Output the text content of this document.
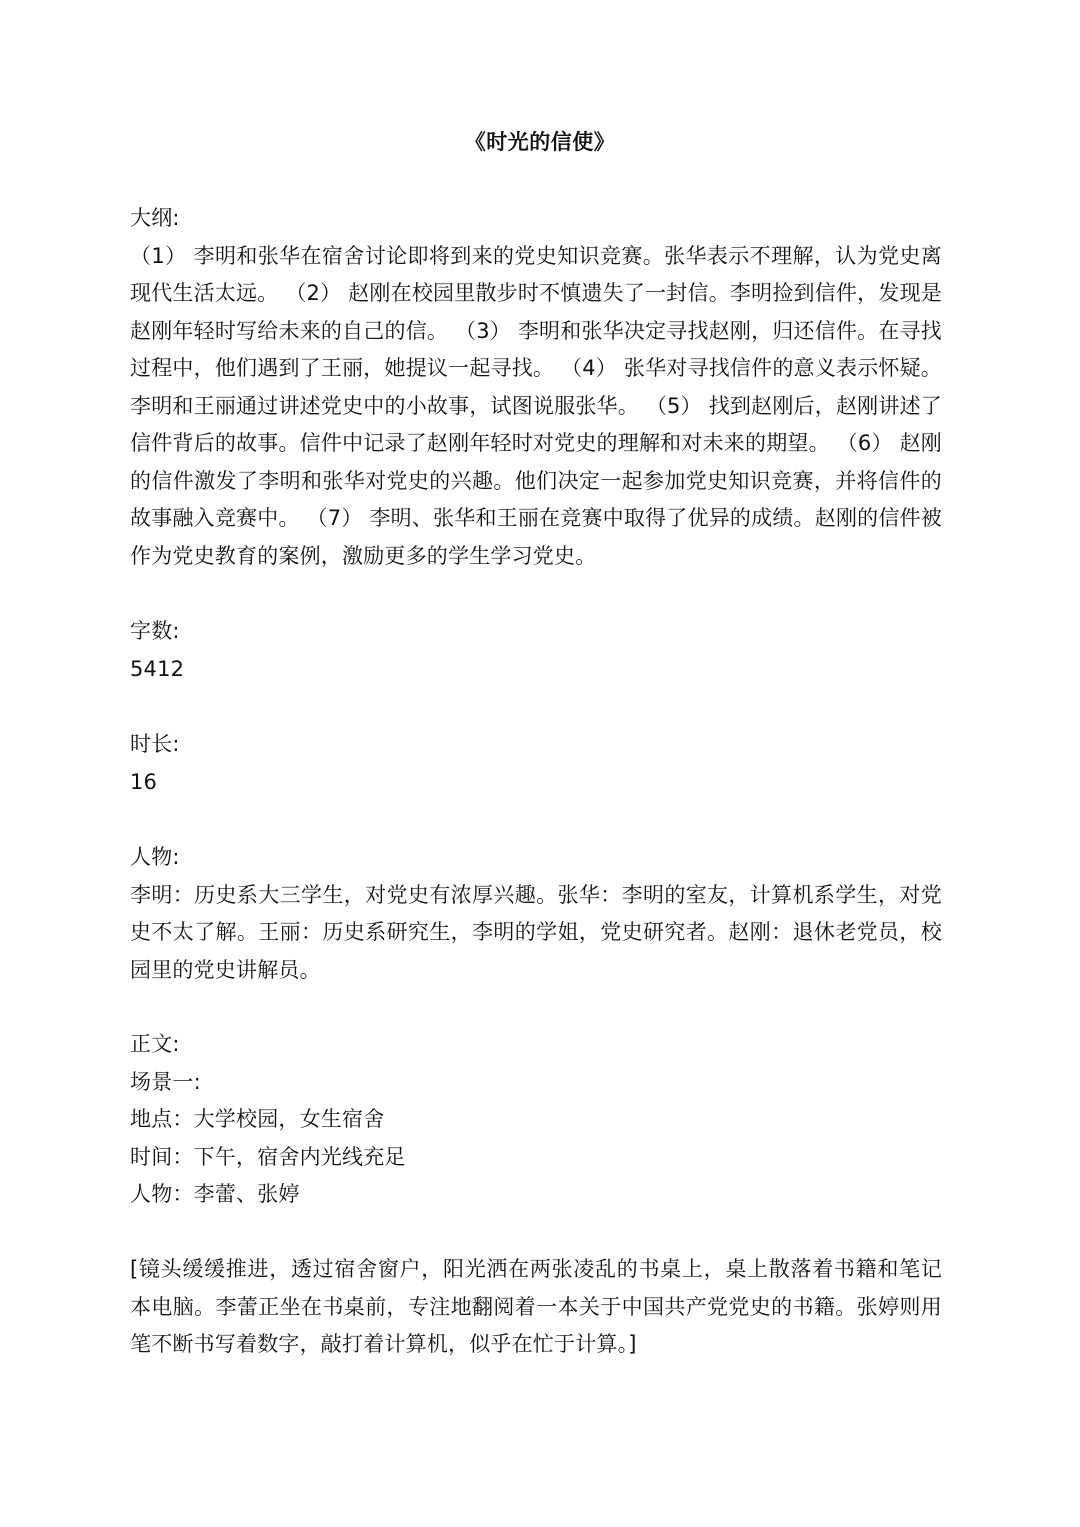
《时光的信使》
大纲:
（1） 李明和张华在宿舍讨论即将到来的党史知识竞赛。张华表示不理解，认为党史离现代生活太远。 （2） 赵刚在校园里散步时不慎遗失了一封信。李明捡到信件，发现是赵刚年轻时写给未来的自己的信。 （3） 李明和张华决定寻找赵刚，归还信件。在寻找过程中，他们遇到了王丽，她提议一起寻找。 （4） 张华对寻找信件的意义表示怀疑。李明和王丽通过讲述党史中的小故事，试图说服张华。 （5） 找到赵刚后，赵刚讲述了信件背后的故事。信件中记录了赵刚年轻时对党史的理解和对未来的期望。 （6） 赵刚的信件激发了李明和张华对党史的兴趣。他们决定一起参加党史知识竞赛，并将信件的故事融入竞赛中。 （7） 李明、张华和王丽在竞赛中取得了优异的成绩。赵刚的信件被作为党史教育的案例，激励更多的学生学习党史。
字数:
5412
时长:
16
人物:
李明：历史系大三学生，对党史有浓厚兴趣。张华：李明的室友，计算机系学生，对党史不太了解。王丽：历史系研究生，李明的学姐，党史研究者。赵刚：退休老党员，校园里的党史讲解员。
正文:
场景一:
地点：大学校园，女生宿舍
时间：下午，宿舍内光线充足
人物：李蕾、张婷
[镜头缓缓推进，透过宿舍窗户，阳光洒在两张凌乱的书桌上，桌上散落着书籍和笔记本电脑。李蕾正坐在书桌前，专注地翻阅着一本关于中国共产党党史的书籍。张婷则用笔不断书写着数字，敲打着计算机，似乎在忙于计算。]
